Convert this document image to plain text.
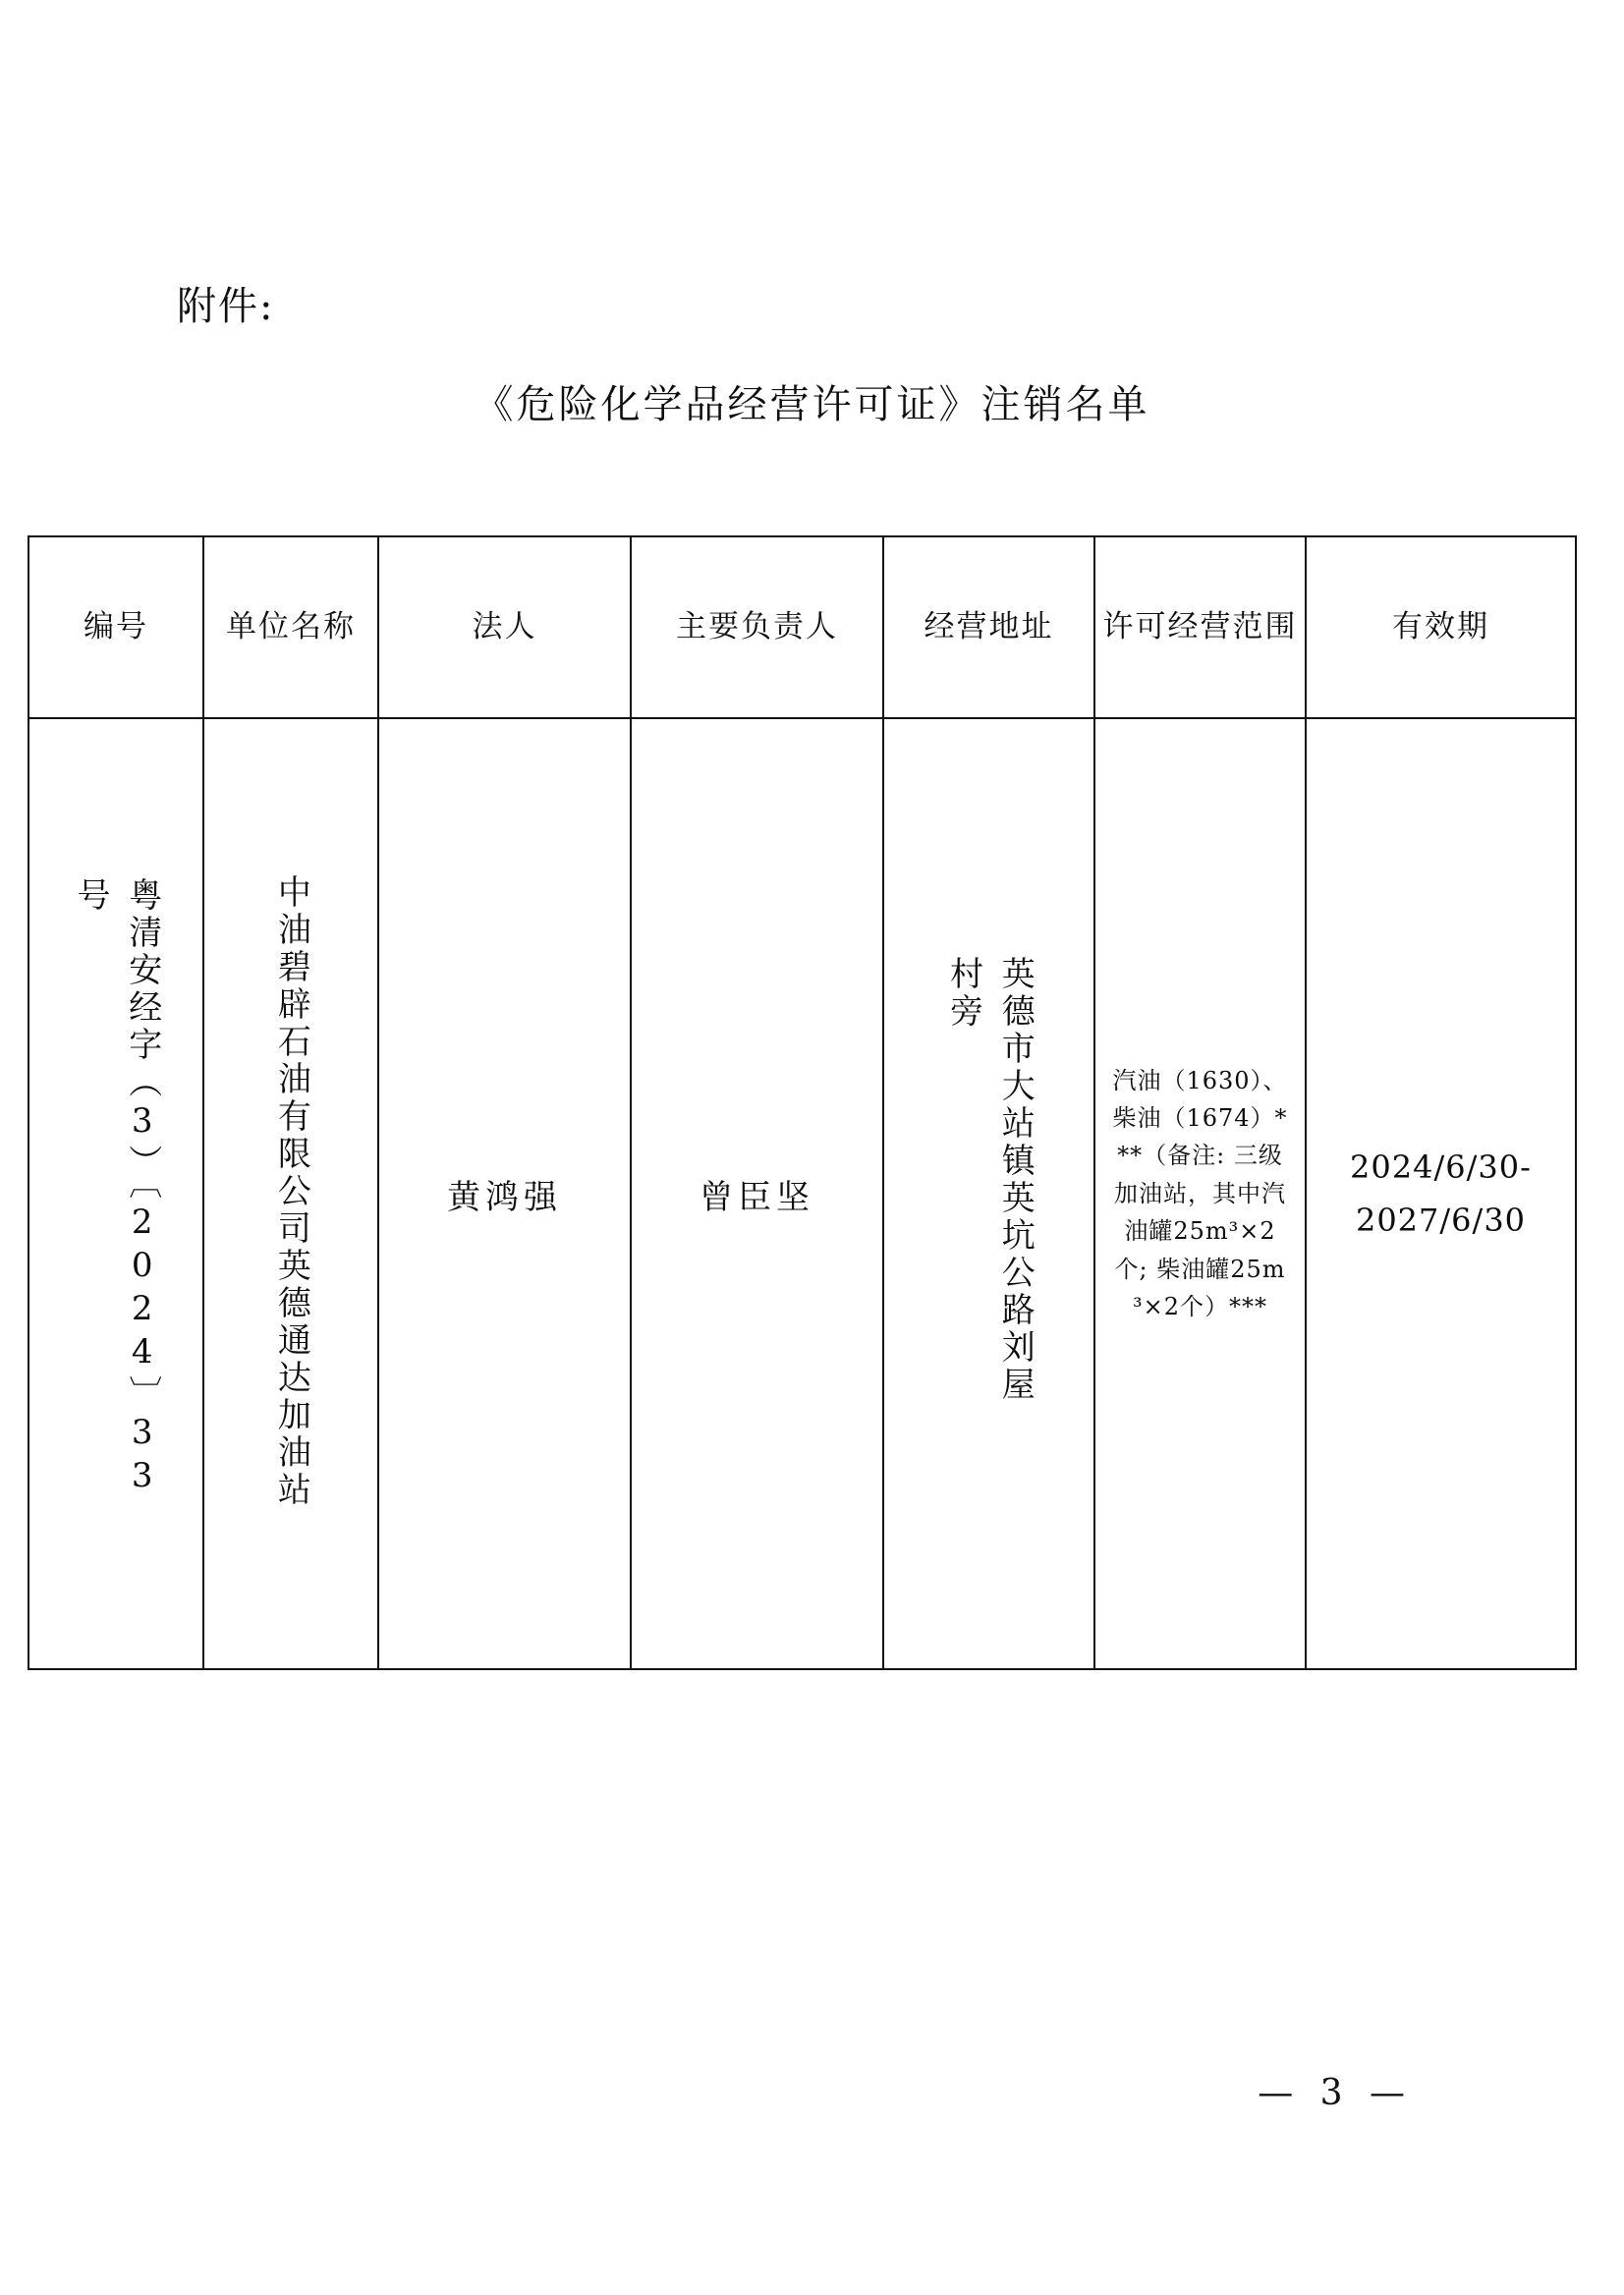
附件:
《危险化学品经营许可证》注销名单
编号	单位名称	法人	主要负责人	经营地址	许可经营范围	有效期
粤清安经字（3）〔2024〕33号	中油碧辟石油有限公司英德通达加油站	黄鸿强	曾臣坚	英德市大站镇英坑公路刘屋村旁	汽油（1630）、柴油（1674）***（备注: 三级加油站，其中汽油罐25m³×2个; 柴油罐25m³×2个）***	2024/6/30-2027/6/30
— 3 —
